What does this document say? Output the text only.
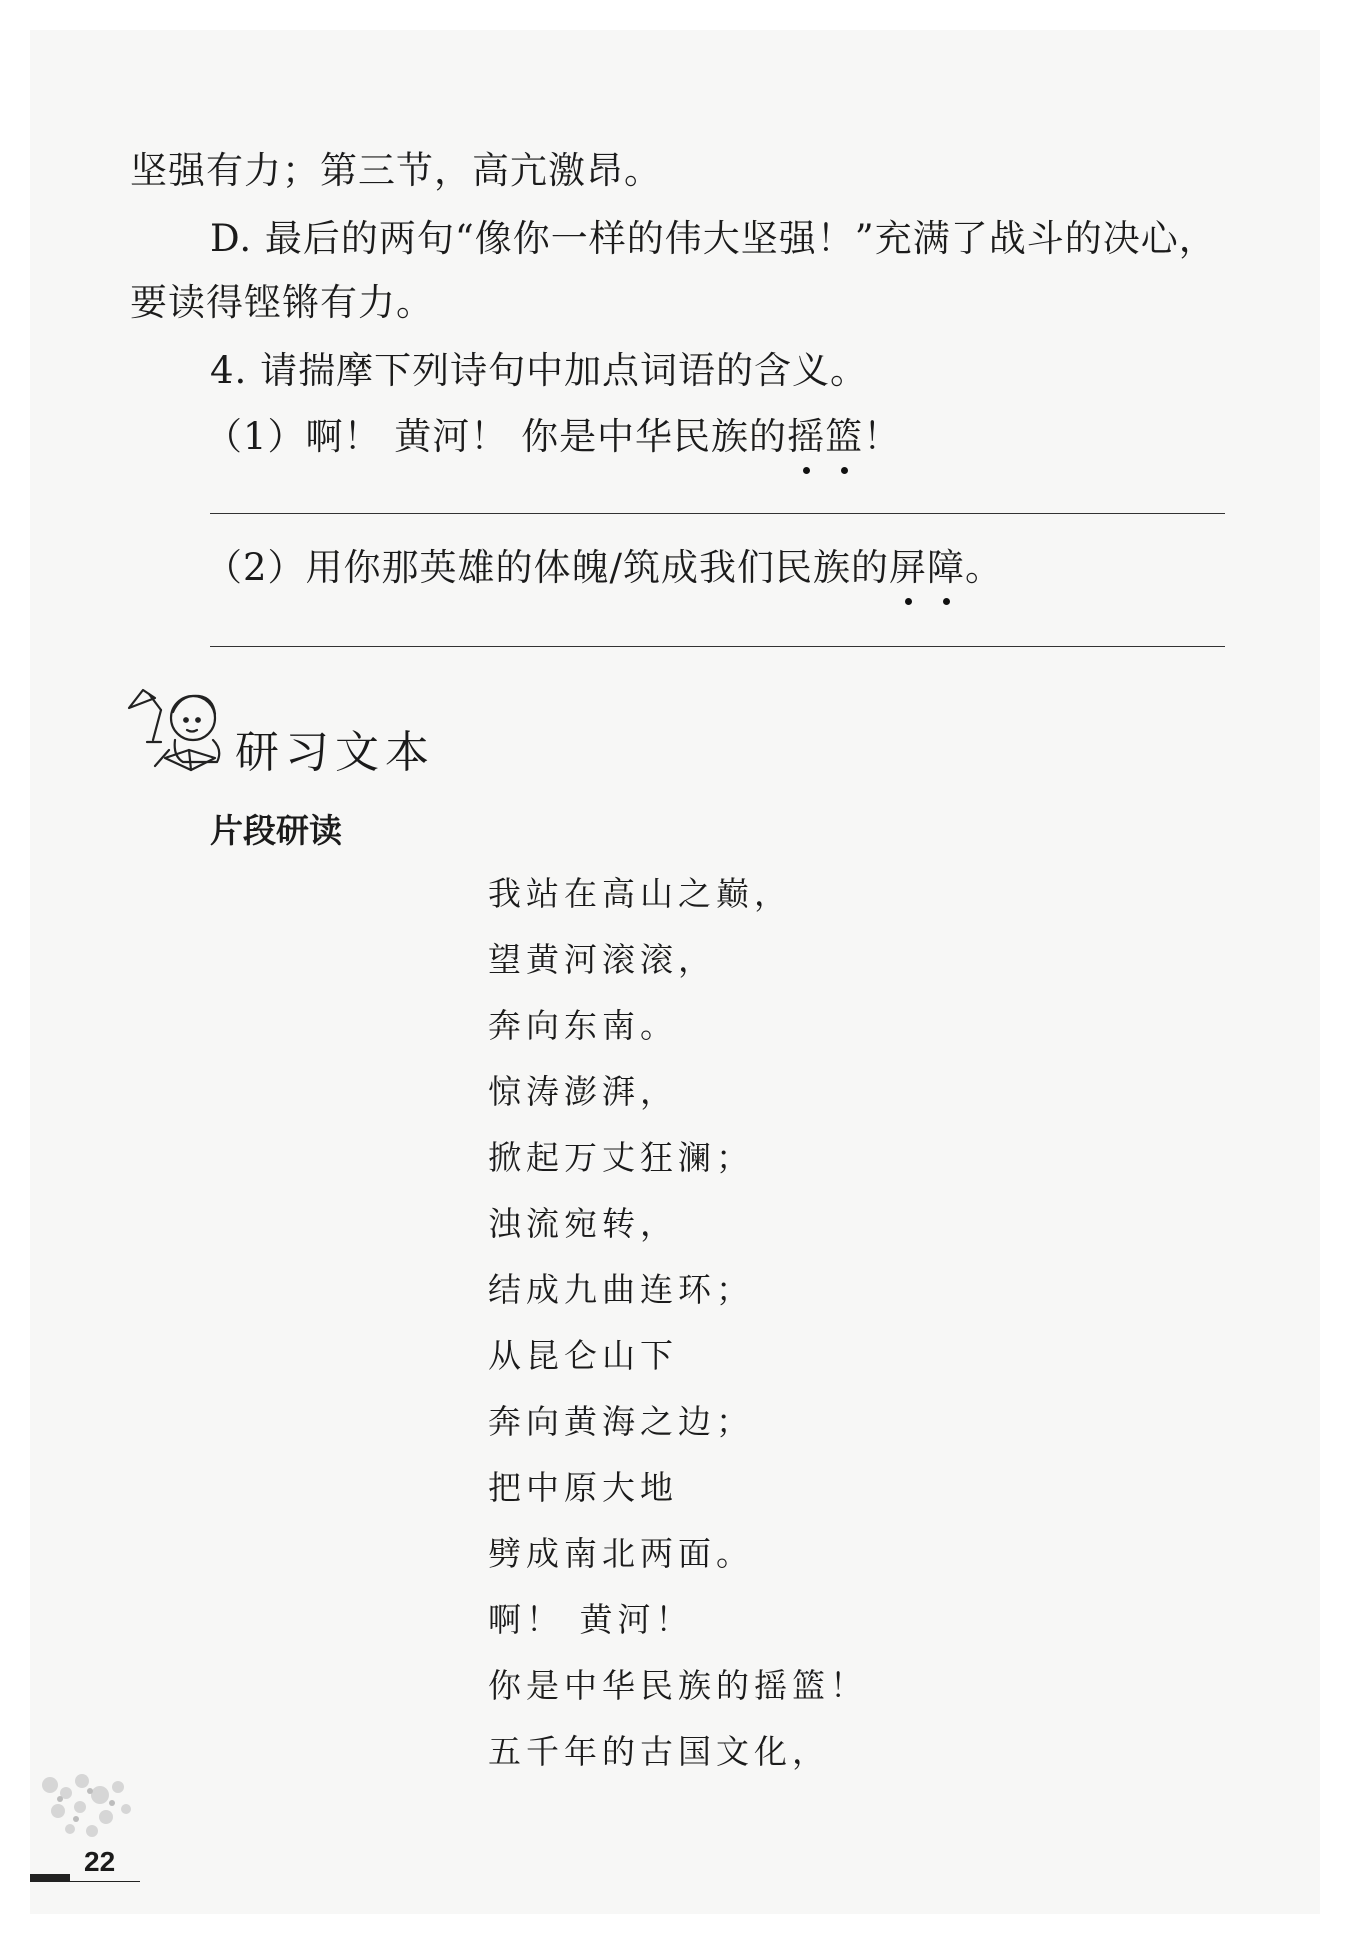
坚强有力；第三节，高亢激昂。
D. 最后的两句“像你一样的伟大坚强！”充满了战斗的决心，
要读得铿锵有力。
4. 请揣摩下列诗句中加点词语的含义。
（1）啊！ 黄河！ 你是中华民族的摇篮！
（2）用你那英雄的体魄/筑成我们民族的屏障。
研习文本
片段研读
我站在高山之巅，
望黄河滚滚，
奔向东南。
惊涛澎湃，
掀起万丈狂澜；
浊流宛转，
结成九曲连环；
从昆仑山下
奔向黄海之边；
把中原大地
劈成南北两面。
啊！ 黄河！
你是中华民族的摇篮！
五千年的古国文化，
22
